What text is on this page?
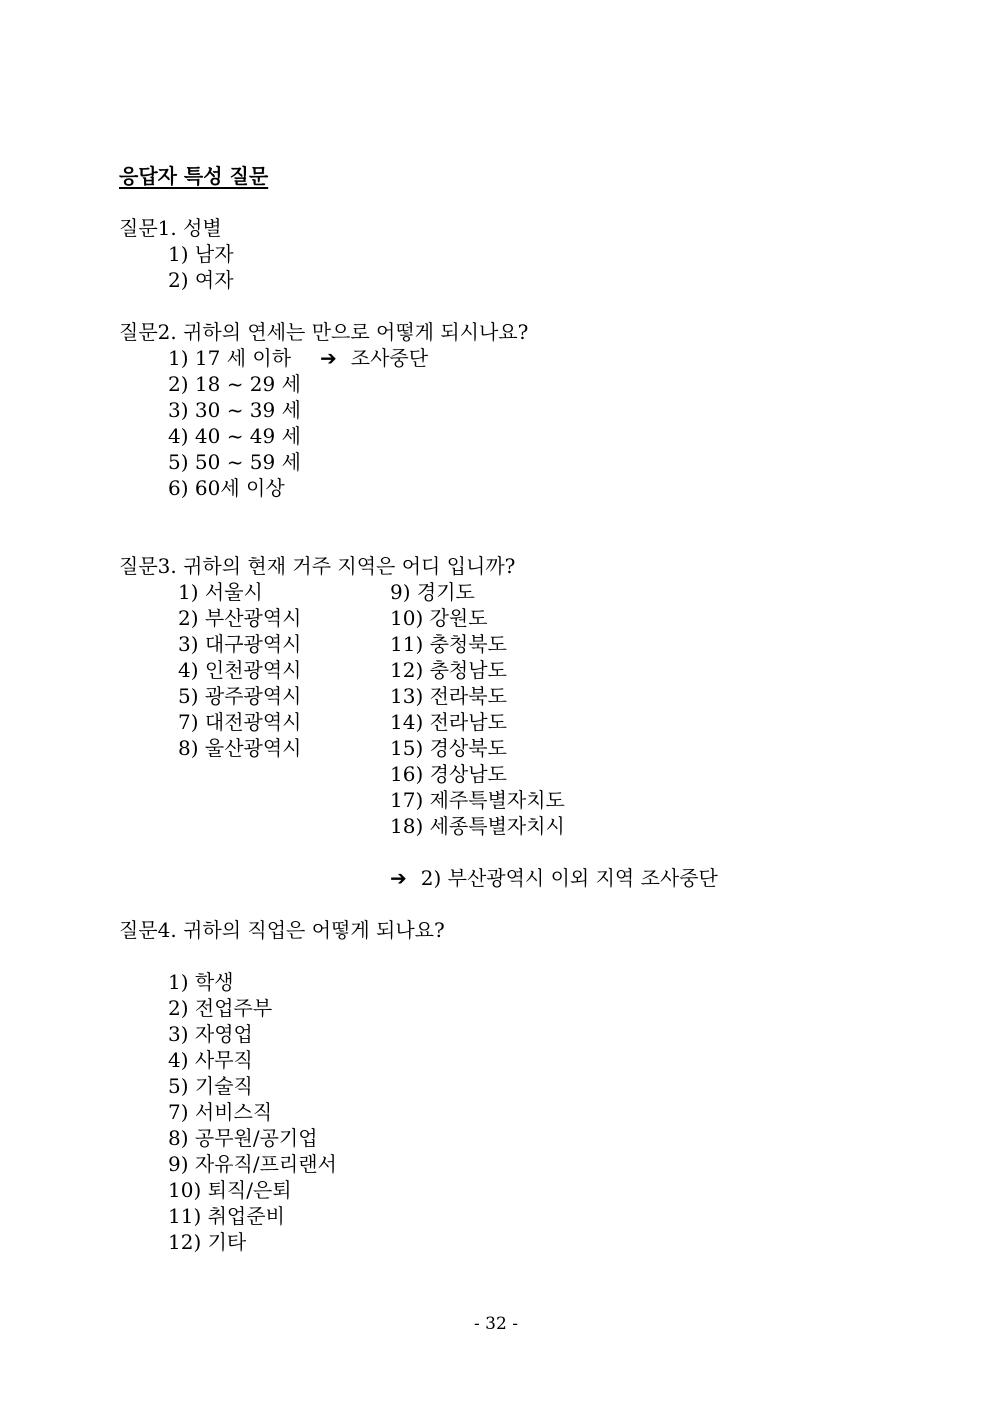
응답자 특성 질문
질문1. 성별
1) 남자
2) 여자
질문2. 귀하의 연세는 만으로 어떻게 되시나요?
1) 17 세 이하 ➔ 조사중단
2) 18 ~ 29 세
3) 30 ~ 39 세
4) 40 ~ 49 세
5) 50 ~ 59 세
6) 60세 이상
질문3. 귀하의 현재 거주 지역은 어디 입니까?
1) 서울시
2) 부산광역시
3) 대구광역시
4) 인천광역시
5) 광주광역시
7) 대전광역시
8) 울산광역시
9) 경기도
10) 강원도
11) 충청북도
12) 충청남도
13) 전라북도
14) 전라남도
15) 경상북도
16) 경상남도
17) 제주특별자치도
18) 세종특별자치시
➔ 2) 부산광역시 이외 지역 조사중단
질문4. 귀하의 직업은 어떻게 되나요?
1) 학생
2) 전업주부
3) 자영업
4) 사무직
5) 기술직
7) 서비스직
8) 공무원/공기업
9) 자유직/프리랜서
10) 퇴직/은퇴
11) 취업준비
12) 기타
- 32 -
